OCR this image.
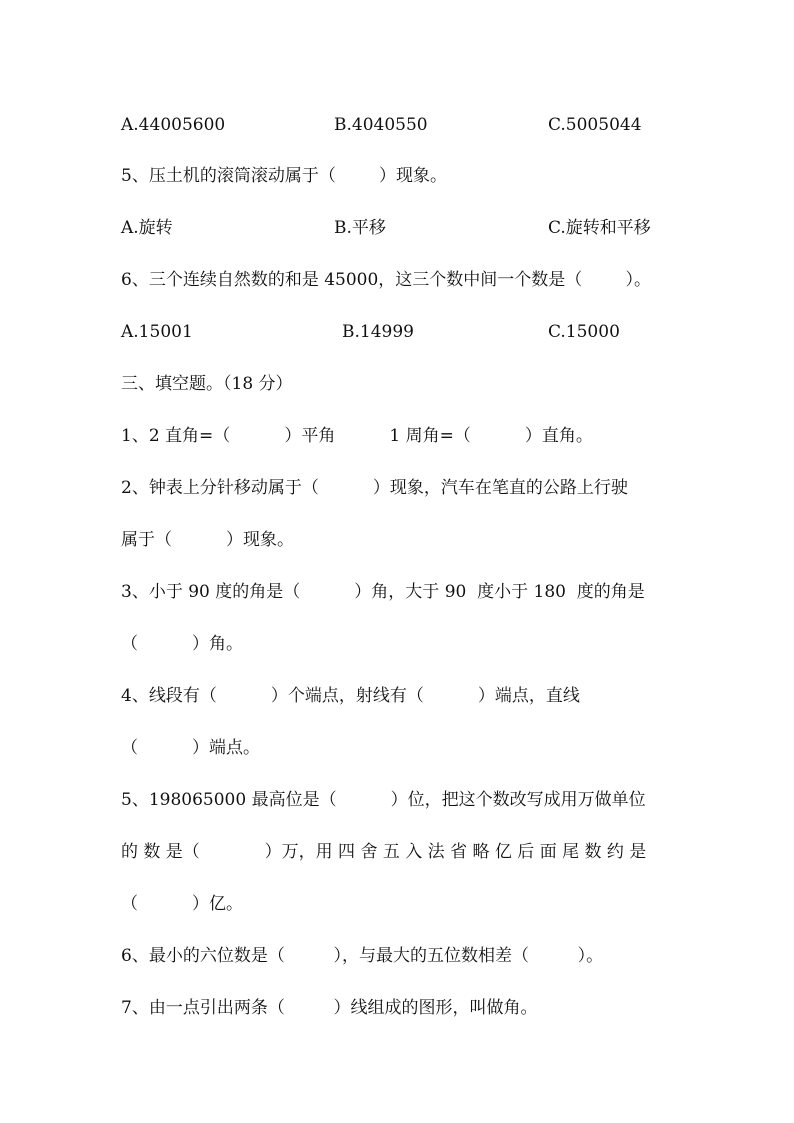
A.44005600	B.4040550	C.5005044
5、压土机的滚筒滚动属于（        ）现象。
A.旋转	B.平移	C.旋转和平移
6、三个连续自然数的和是 45000，这三个数中间一个数是（        ）。
A.15001	B.14999	C.15000
三、填空题。（18 分）
1、2 直角=（          ）平角          1 周角=（          ）直角。
2、钟表上分针移动属于（          ）现象，汽车在笔直的公路上行驶
属于（          ）现象。
3、小于 90 度的角是（          ）角，大于 90  度小于 180  度的角是
（          ）角。
4、线段有（          ）个端点，射线有（          ）端点，直线
（          ）端点。
5、198065000 最高位是（          ）位，把这个数改写成用万做单位
的 数 是（            ）万，用 四 舍 五 入 法 省 略 亿 后 面 尾 数 约 是
（          ）亿。
6、最小的六位数是（         ），与最大的五位数相差（         ）。
7、由一点引出两条（         ）线组成的图形，叫做角。
